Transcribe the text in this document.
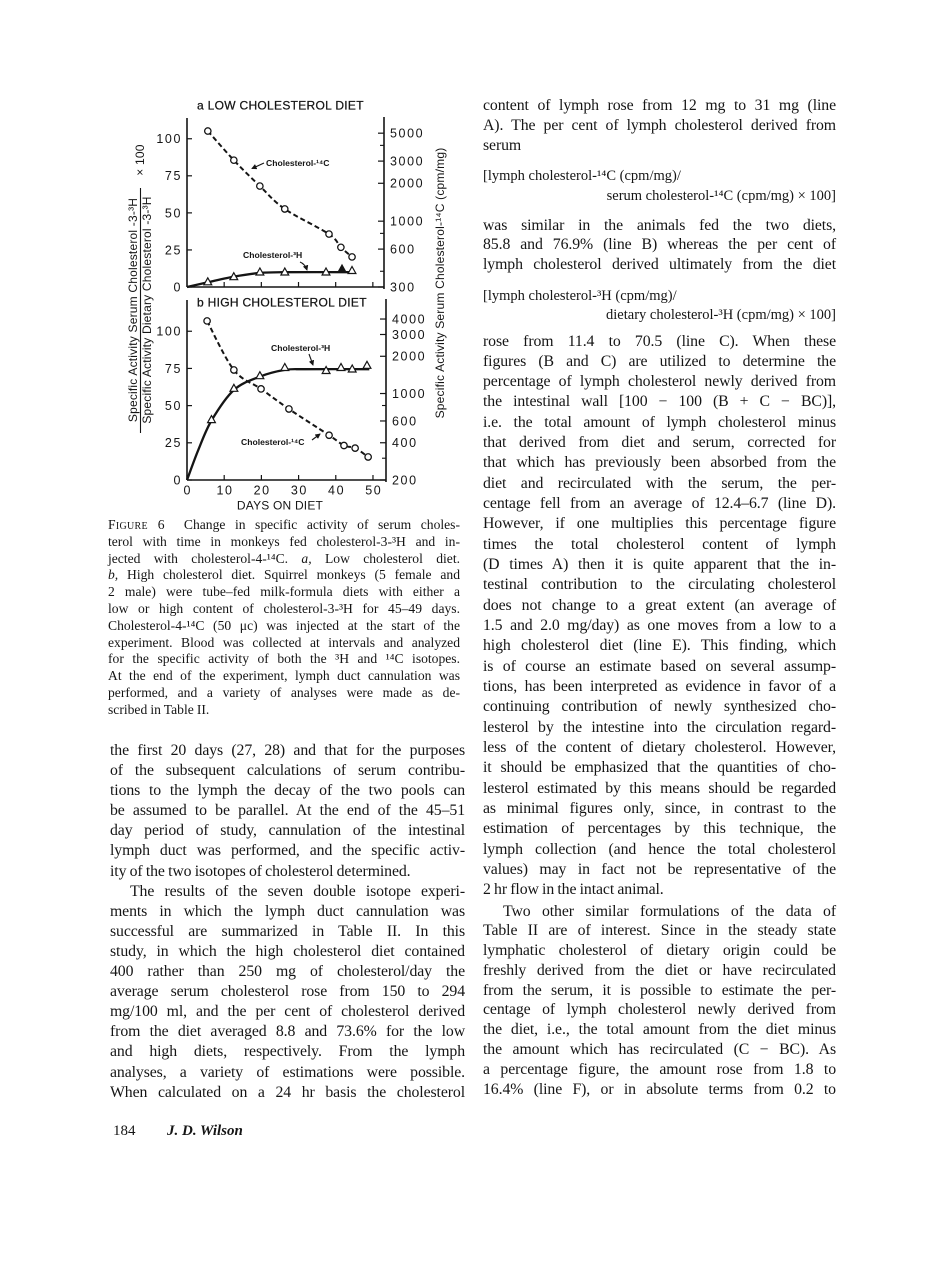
a LOW CHOLESTEROL DIET
b HIGH CHOLESTEROL DIET
0
25
50
75
100
300
600
1000
2000
3000
5000
0
25
50
75
100
200
400
600
1000
2000
3000
4000
0 10 20 30 40 50
Specific Activity Serum Cholesterol -3-³H Specific Activity Dietary Cholesterol -3-³H
× 100	Specific Activity Serum Cholesterol-¹⁴C (cpm/mg)
DAYS ON DIET
Cholesterol-¹⁴C
Cholesterol-³H
Cholesterol-³H
Cholesterol-¹⁴C
Figure 6 Change in specific activity of serum choles-
terol with time in monkeys fed cholesterol-3-³H and in-
jected with cholesterol-4-¹⁴C. a, Low cholesterol diet.
b, High cholesterol diet. Squirrel monkeys (5 female and
2 male) were tube–fed milk-formula diets with either a
low or high content of cholesterol-3-³H for 45–49 days.
Cholesterol-4-¹⁴C (50 μc) was injected at the start of the
experiment. Blood was collected at intervals and analyzed
for the specific activity of both the ³H and ¹⁴C isotopes.
At the end of the experiment, lymph duct cannulation was
performed, and a variety of analyses were made as de-
scribed in Table II.
the first 20 days (27, 28) and that for the purposes
of the subsequent calculations of serum contribu-
tions to the lymph the decay of the two pools can
be assumed to be parallel. At the end of the 45–51
day period of study, cannulation of the intestinal
lymph duct was performed, and the specific activ-
ity of the two isotopes of cholesterol determined.
The results of the seven double isotope experi-
ments in which the lymph duct cannulation was
successful are summarized in Table II. In this
study, in which the high cholesterol diet contained
400 rather than 250 mg of cholesterol/day the
average serum cholesterol rose from 150 to 294
mg/100 ml, and the per cent of cholesterol derived
from the diet averaged 8.8 and 73.6% for the low
and high diets, respectively. From the lymph
analyses, a variety of estimations were possible.
When calculated on a 24 hr basis the cholesterol
content of lymph rose from 12 mg to 31 mg (line
A). The per cent of lymph cholesterol derived from
serum
[lymph cholesterol-¹⁴C (cpm/mg)/
serum cholesterol-¹⁴C (cpm/mg) × 100]
was similar in the animals fed the two diets,
85.8 and 76.9% (line B) whereas the per cent of
lymph cholesterol derived ultimately from the diet
[lymph cholesterol-³H (cpm/mg)/
dietary cholesterol-³H (cpm/mg) × 100]
rose from 11.4 to 70.5 (line C). When these
figures (B and C) are utilized to determine the
percentage of lymph cholesterol newly derived from
the intestinal wall [100 − 100 (B + C − BC)],
i.e. the total amount of lymph cholesterol minus
that derived from diet and serum, corrected for
that which has previously been absorbed from the
diet and recirculated with the serum, the per-
centage fell from an average of 12.4–6.7 (line D).
However, if one multiplies this percentage figure
times the total cholesterol content of lymph
(D times A) then it is quite apparent that the in-
testinal contribution to the circulating cholesterol
does not change to a great extent (an average of
1.5 and 2.0 mg/day) as one moves from a low to a
high cholesterol diet (line E). This finding, which
is of course an estimate based on several assump-
tions, has been interpreted as evidence in favor of a
continuing contribution of newly synthesized cho-
lesterol by the intestine into the circulation regard-
less of the content of dietary cholesterol. However,
it should be emphasized that the quantities of cho-
lesterol estimated by this means should be regarded
as minimal figures only, since, in contrast to the
estimation of percentages by this technique, the
lymph collection (and hence the total cholesterol
values) may in fact not be representative of the
2 hr flow in the intact animal.
Two other similar formulations of the data of
Table II are of interest. Since in the steady state
lymphatic cholesterol of dietary origin could be
freshly derived from the diet or have recirculated
from the serum, it is possible to estimate the per-
centage of lymph cholesterol newly derived from
the diet, i.e., the total amount from the diet minus
the amount which has recirculated (C − BC). As
a percentage figure, the amount rose from 1.8 to
16.4% (line F), or in absolute terms from 0.2 to
184 J. D. Wilson
